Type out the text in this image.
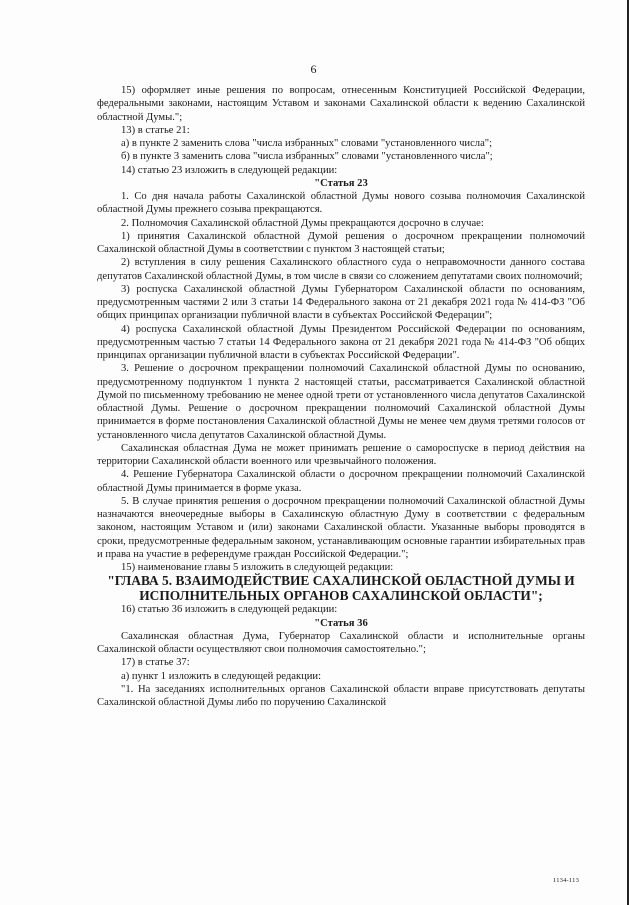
6

15) оформляет иные решения по вопросам, отнесенным Конституцией Российской Федерации, федеральными законами, настоящим Уставом и законами Сахалинской области к ведению Сахалинской областной Думы.";

13) в статье 21:

а) в пункте 2 заменить слова "числа избранных" словами "установленного числа";

б) в пункте 3 заменить слова "числа избранных" словами "установленного числа";

14) статью 23 изложить в следующей редакции:

"Статья 23

1. Со дня начала работы Сахалинской областной Думы нового созыва полномочия Сахалинской областной Думы прежнего созыва прекращаются.

2. Полномочия Сахалинской областной Думы прекращаются досрочно в случае:

1) принятия Сахалинской областной Думой решения о досрочном прекращении полномочий Сахалинской областной Думы в соответствии с пунктом 3 настоящей статьи;

2) вступления в силу решения Сахалинского областного суда о неправомочности данного состава депутатов Сахалинской областной Думы, в том числе в связи со сложением депутатами своих полномочий;

3) роспуска Сахалинской областной Думы Губернатором Сахалинской области по основаниям, предусмотренным частями 2 или 3 статьи 14 Федерального закона от 21 декабря 2021 года № 414-ФЗ "Об общих принципах организации публичной власти в субъектах Российской Федерации";

4) роспуска Сахалинской областной Думы Президентом Российской Федерации по основаниям, предусмотренным частью 7 статьи 14 Федерального закона от 21 декабря 2021 года № 414-ФЗ "Об общих принципах организации публичной власти в субъектах Российской Федерации".

3. Решение о досрочном прекращении полномочий Сахалинской областной Думы по основанию, предусмотренному подпунктом 1 пункта 2 настоящей статьи, рассматривается Сахалинской областной Думой по письменному требованию не менее одной трети от установленного числа депутатов Сахалинской областной Думы. Решение о досрочном прекращении полномочий Сахалинской областной Думы принимается в форме постановления Сахалинской областной Думы не менее чем двумя третями голосов от установленного числа депутатов Сахалинской областной Думы.

Сахалинская областная Дума не может принимать решение о самороспуске в период действия на территории Сахалинской области военного или чрезвычайного положения.

4. Решение Губернатора Сахалинской области о досрочном прекращении полномочий Сахалинской областной Думы принимается в форме указа.

5. В случае принятия решения о досрочном прекращении полномочий Сахалинской областной Думы назначаются внеочередные выборы в Сахалинскую областную Думу в соответствии с федеральным законом, настоящим Уставом и (или) законами Сахалинской области. Указанные выборы проводятся в сроки, предусмотренные федеральным законом, устанавливающим основные гарантии избирательных прав и права на участие в референдуме граждан Российской Федерации.";

15) наименование главы 5 изложить в следующей редакции:

"ГЛАВА 5. ВЗАИМОДЕЙСТВИЕ САХАЛИНСКОЙ ОБЛАСТНОЙ ДУМЫ И ИСПОЛНИТЕЛЬНЫХ ОРГАНОВ САХАЛИНСКОЙ ОБЛАСТИ";

16) статью 36 изложить в следующей редакции:

"Статья 36

Сахалинская областная Дума, Губернатор Сахалинской области и исполнительные органы Сахалинской области осуществляют свои полномочия самостоятельно.";

17) в статье 37:

а) пункт 1 изложить в следующей редакции:

"1. На заседаниях исполнительных органов Сахалинской области вправе присутствовать депутаты Сахалинской областной Думы либо по поручению Сахалинской

1134-113
